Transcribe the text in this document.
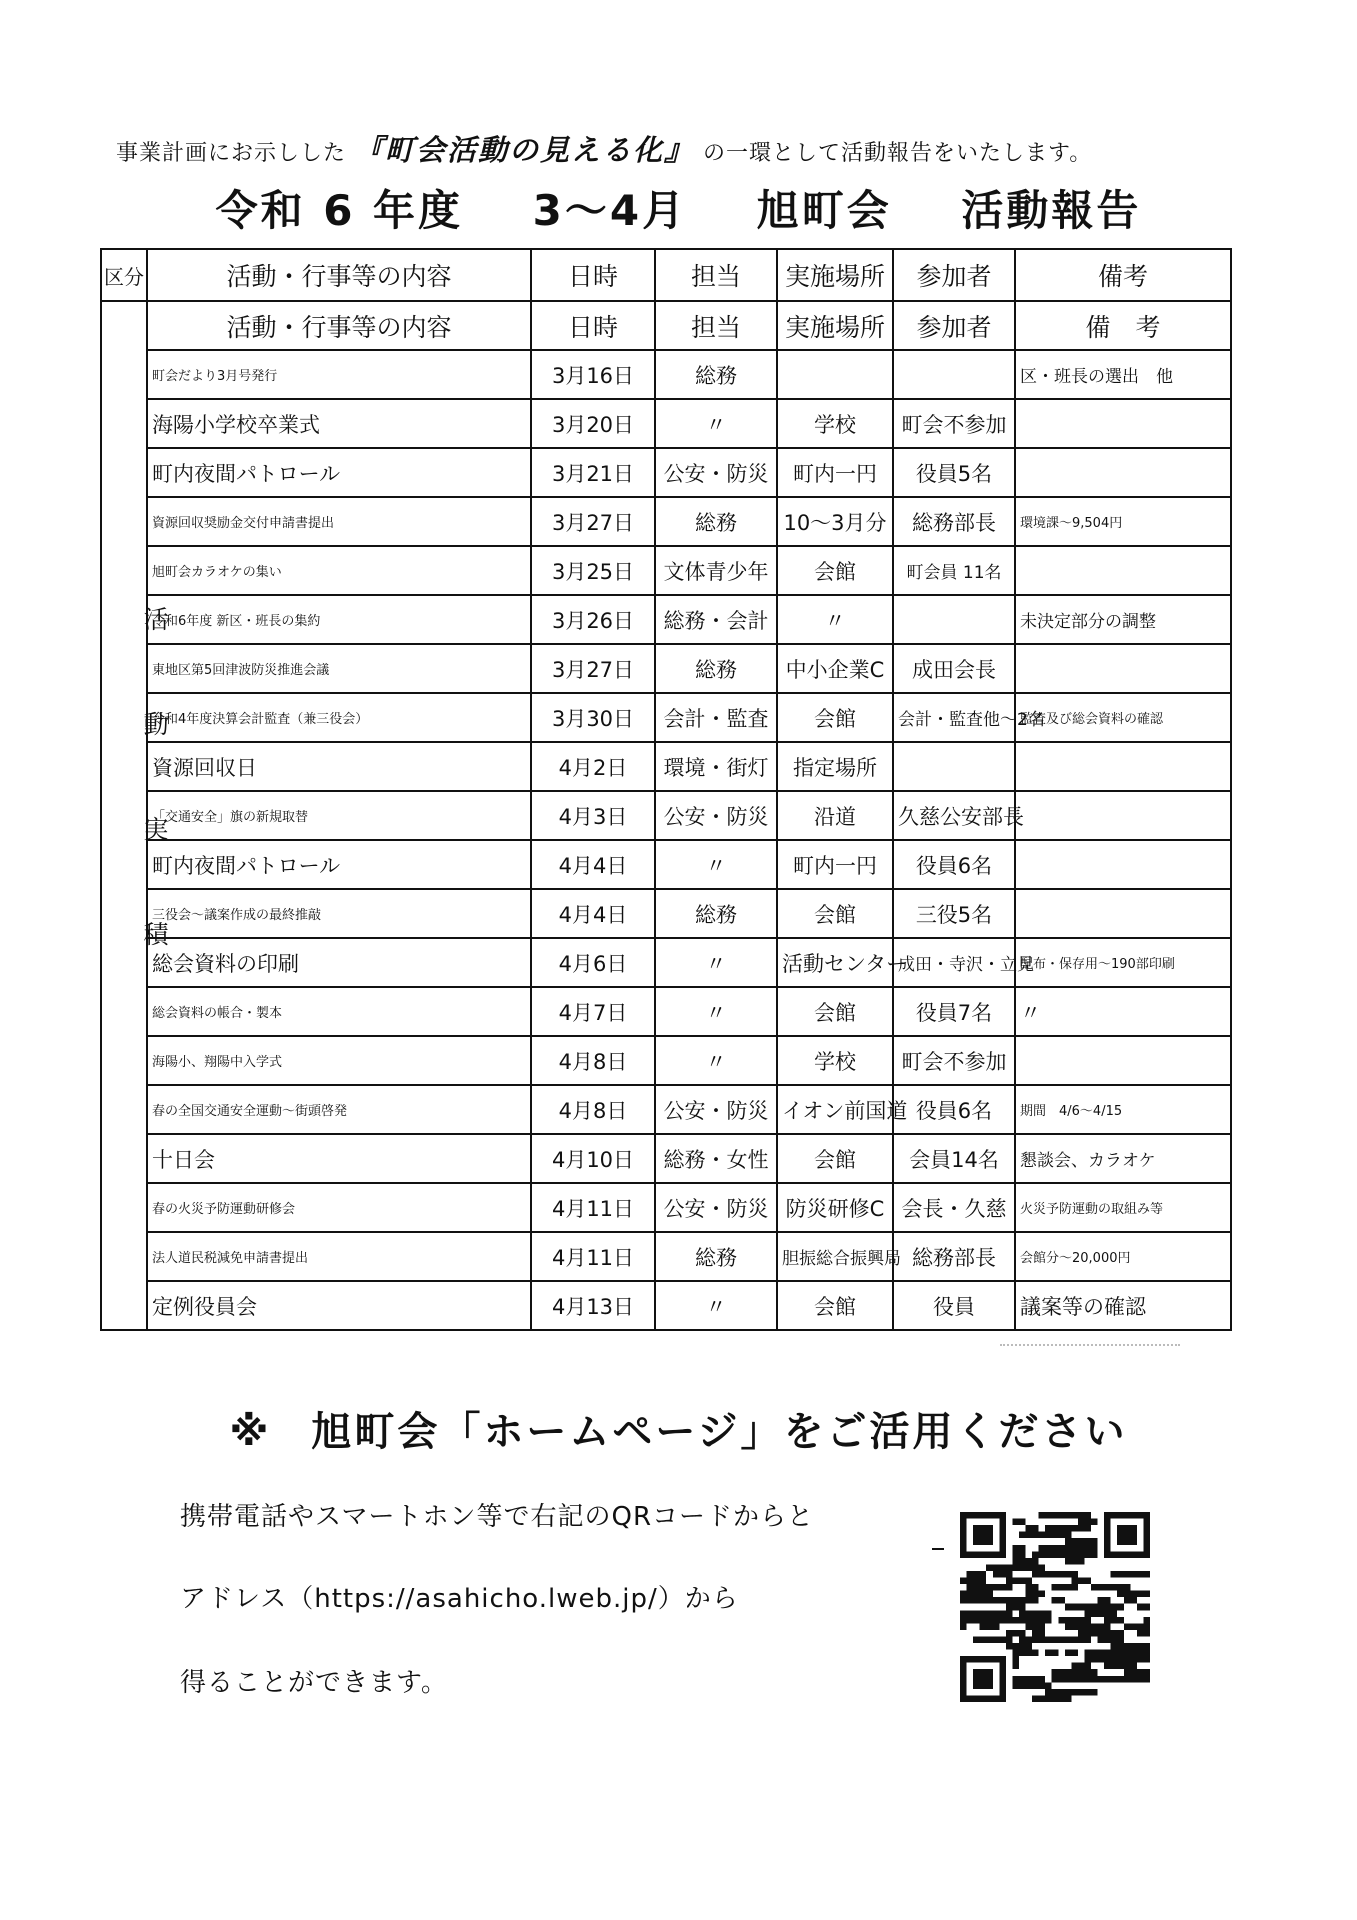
事業計画にお示しした 『町会活動の見える化』 の一環として活動報告をいたします。
令和 6 年度 3～4月 旭町会 活動報告
区分	活動・行事等の内容	日時	担当	実施場所	参加者	備考

活動実積	活動・行事等の内容	日時	担当	実施場所	参加者	備　考
	町会だより3月号発行	3月16日	総務			区・班長の選出　他
	海陽小学校卒業式	3月20日	〃	学校	町会不参加	
	町内夜間パトロール	3月21日	公安・防災	町内一円	役員5名	
	資源回収奨励金交付申請書提出	3月27日	総務	10～3月分	総務部長	環境課～9,504円
	旭町会カラオケの集い	3月25日	文体青少年	会館	町会員 11名	
	令和6年度 新区・班長の集約	3月26日	総務・会計	〃		未決定部分の調整
	東地区第5回津波防災推進会議	3月27日	総務	中小企業C	成田会長	
	令和4年度決算会計監査（兼三役会）	3月30日	会計・監査	会館	会計・監査他～2名	監査及び総会資料の確認
	資源回収日	4月2日	環境・街灯	指定場所		
	「交通安全」旗の新規取替	4月3日	公安・防災	沿道	久慈公安部長	
	町内夜間パトロール	4月4日	〃	町内一円	役員6名	
	三役会～議案作成の最終推敲	4月4日	総務	会館	三役5名	
	総会資料の印刷	4月6日	〃	活動センター	成田・寺沢・立見	配布・保存用～190部印刷
	総会資料の帳合・製本	4月7日	〃	会館	役員7名	〃
	海陽小、翔陽中入学式	4月8日	〃	学校	町会不参加	
	春の全国交通安全運動～街頭啓発	4月8日	公安・防災	イオン前国道	役員6名	期間　4/6～4/15
	十日会	4月10日	総務・女性	会館	会員14名	懇談会、カラオケ
	春の火災予防運動研修会	4月11日	公安・防災	防災研修C	会長・久慈	火災予防運動の取組み等
	法人道民税減免申請書提出	4月11日	総務	胆振総合振興局	総務部長	会館分～20,000円
	定例役員会	4月13日	〃	会館	役員	議案等の確認
※ 旭町会「ホームページ」をご活用ください
携帯電話やスマートホン等で右記のQRコードからと
アドレス（https://asahicho.lweb.jp/）から
得ることができます。
